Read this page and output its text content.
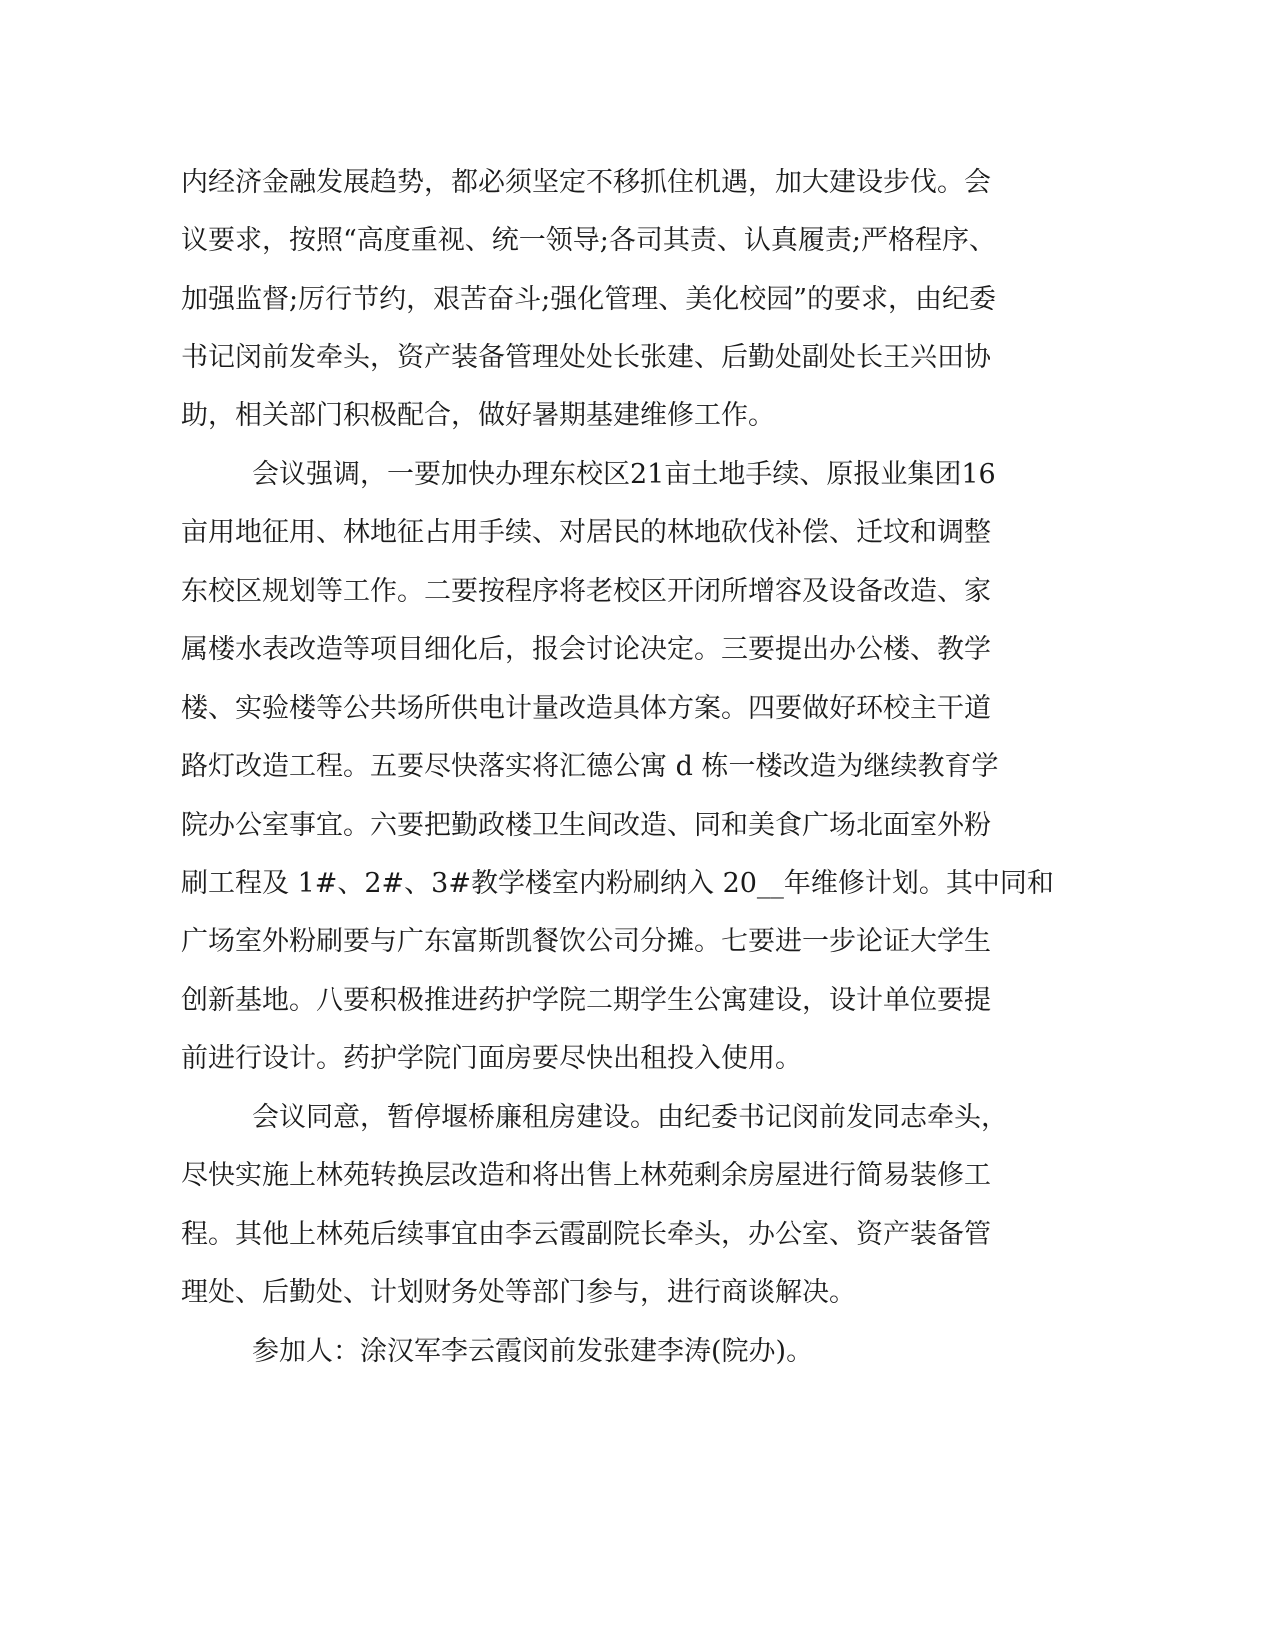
内经济金融发展趋势，都必须坚定不移抓住机遇，加大建设步伐。会
议要求，按照“高度重视、统一领导;各司其责、认真履责;严格程序、
加强监督;厉行节约，艰苦奋斗;强化管理、美化校园”的要求，由纪委
书记闵前发牵头，资产装备管理处处长张建、后勤处副处长王兴田协
助，相关部门积极配合，做好暑期基建维修工作。
会议强调，一要加快办理东校区21亩土地手续、原报业集团16
亩用地征用、林地征占用手续、对居民的林地砍伐补偿、迁坟和调整
东校区规划等工作。二要按程序将老校区开闭所增容及设备改造、家
属楼水表改造等项目细化后，报会讨论决定。三要提出办公楼、教学
楼、实验楼等公共场所供电计量改造具体方案。四要做好环校主干道
路灯改造工程。五要尽快落实将汇德公寓 d 栋一楼改造为继续教育学
院办公室事宜。六要把勤政楼卫生间改造、同和美食广场北面室外粉
刷工程及 1#、2#、3#教学楼室内粉刷纳入 20__年维修计划。其中同和
广场室外粉刷要与广东富斯凯餐饮公司分摊。七要进一步论证大学生
创新基地。八要积极推进药护学院二期学生公寓建设，设计单位要提
前进行设计。药护学院门面房要尽快出租投入使用。
会议同意，暂停堰桥廉租房建设。由纪委书记闵前发同志牵头，
尽快实施上林苑转换层改造和将出售上林苑剩余房屋进行简易装修工
程。其他上林苑后续事宜由李云霞副院长牵头，办公室、资产装备管
理处、后勤处、计划财务处等部门参与，进行商谈解决。
参加人：涂汉军李云霞闵前发张建李涛(院办)。
